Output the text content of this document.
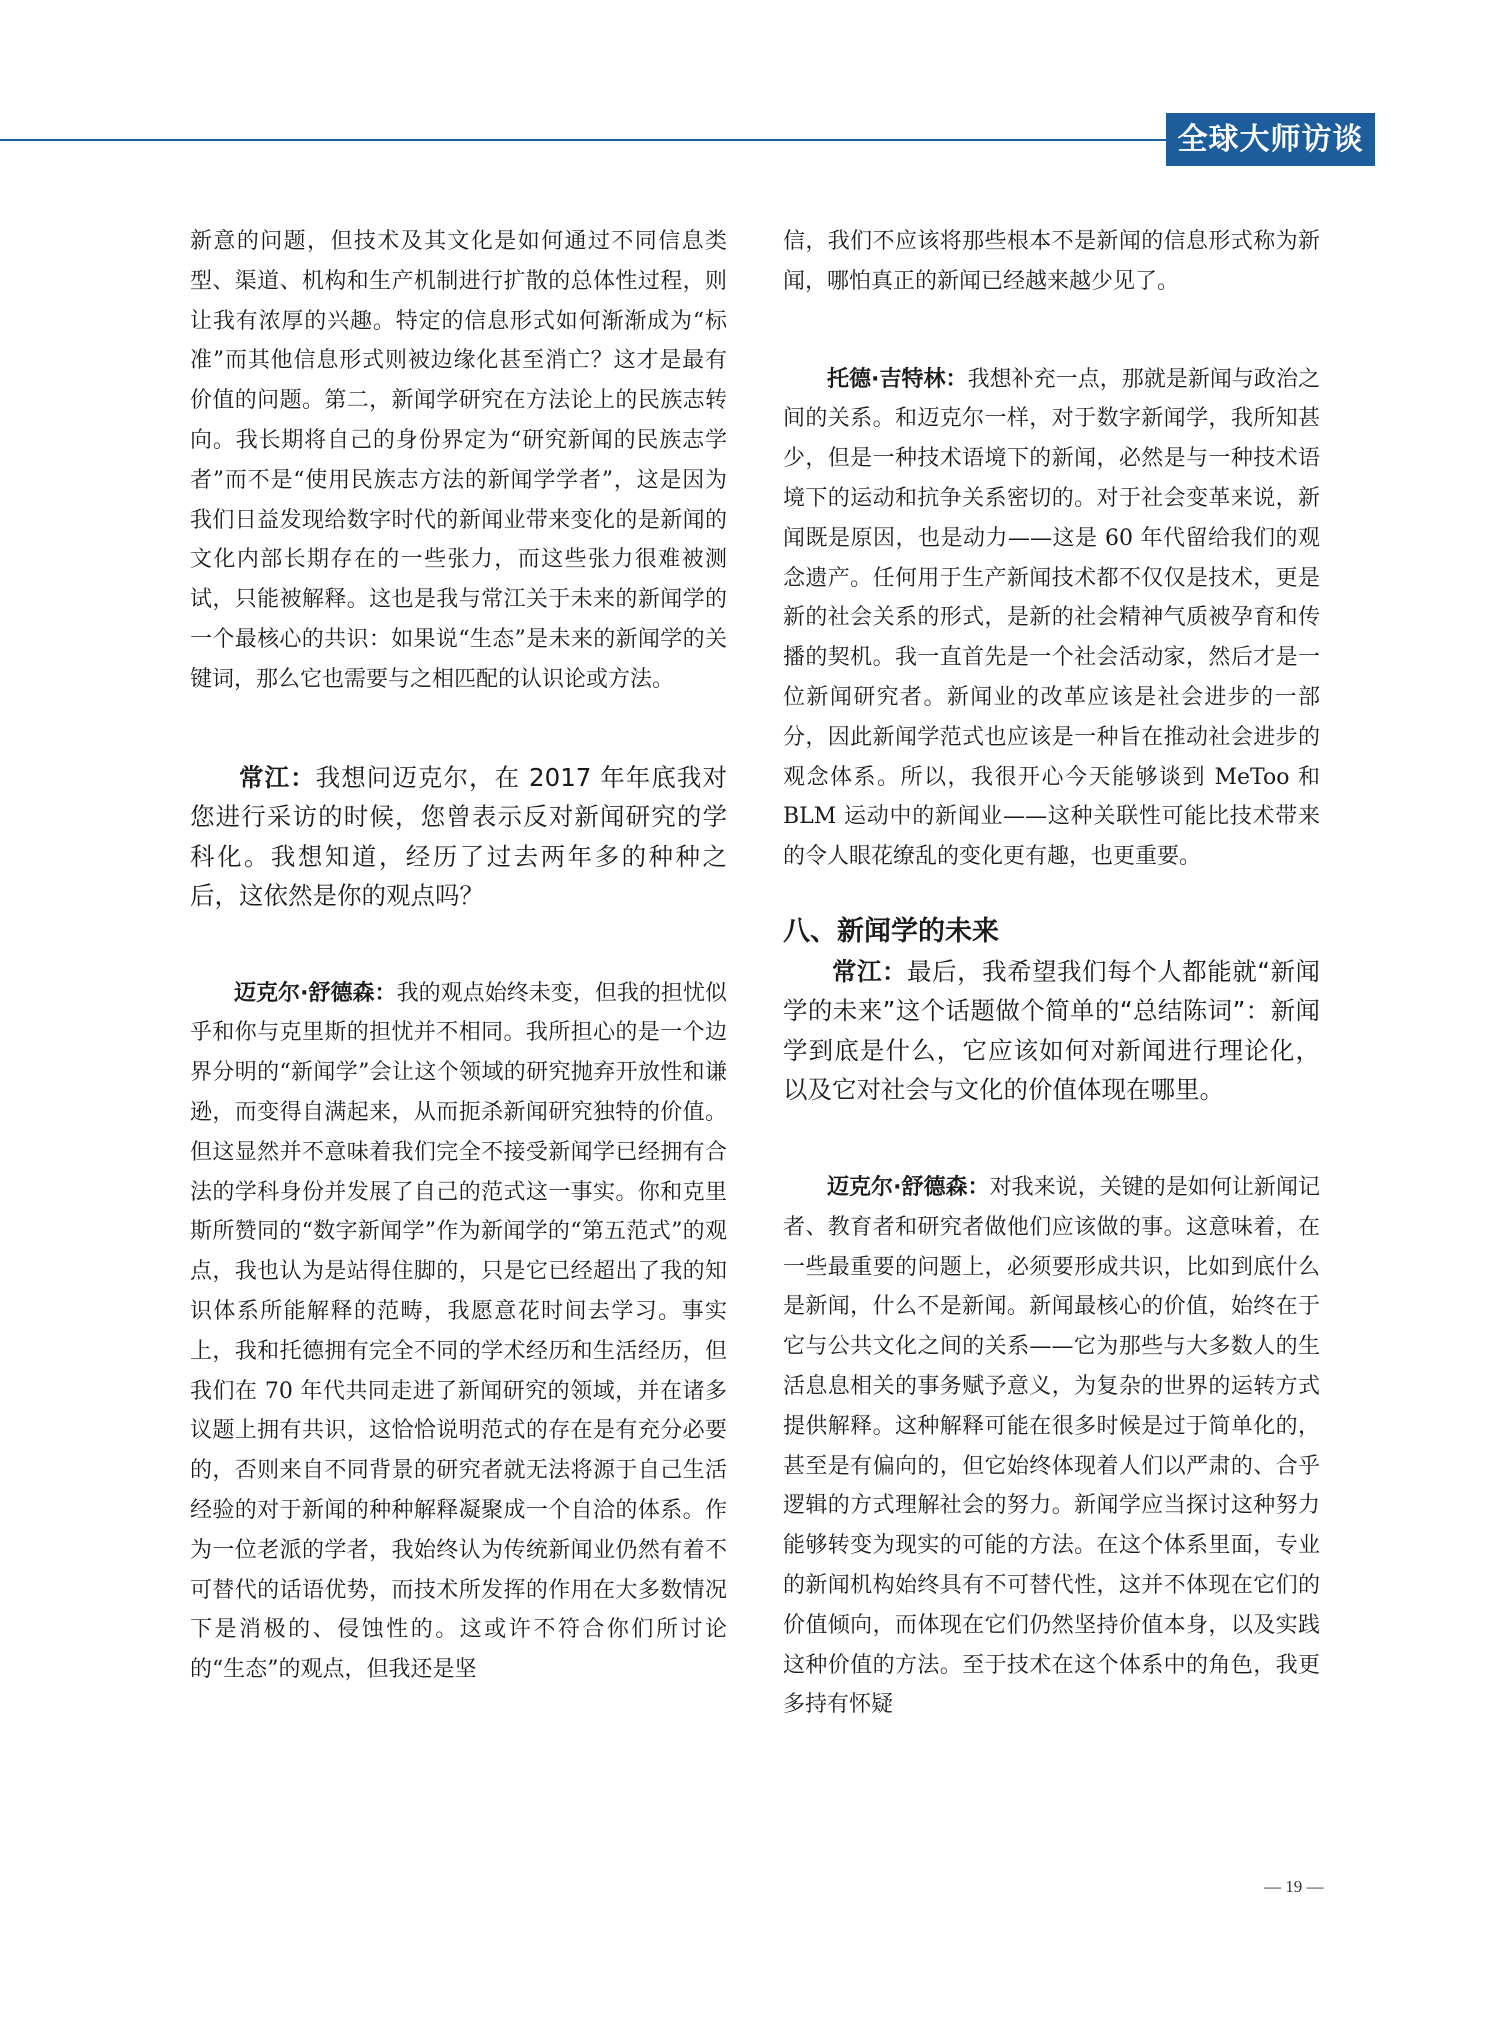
全球大师访谈

新意的问题，但技术及其文化是如何通过不同信息类型、渠道、机构和生产机制进行扩散的总体性过程，则让我有浓厚的兴趣。特定的信息形式如何渐渐成为“标准”而其他信息形式则被边缘化甚至消亡？这才是最有价值的问题。第二，新闻学研究在方法论上的民族志转向。我长期将自己的身份界定为“研究新闻的民族志学者”而不是“使用民族志方法的新闻学学者”，这是因为我们日益发现给数字时代的新闻业带来变化的是新闻的文化内部长期存在的一些张力，而这些张力很难被测试，只能被解释。这也是我与常江关于未来的新闻学的一个最核心的共识：如果说“生态”是未来的新闻学的关键词，那么它也需要与之相匹配的认识论或方法。

常江：我想问迈克尔，在 2017 年年底我对您进行采访的时候，您曾表示反对新闻研究的学科化。我想知道，经历了过去两年多的种种之后，这依然是你的观点吗？

迈克尔·舒德森：我的观点始终未变，但我的担忧似乎和你与克里斯的担忧并不相同。我所担心的是一个边界分明的“新闻学”会让这个领域的研究抛弃开放性和谦逊，而变得自满起来，从而扼杀新闻研究独特的价值。但这显然并不意味着我们完全不接受新闻学已经拥有合法的学科身份并发展了自己的范式这一事实。你和克里斯所赞同的“数字新闻学”作为新闻学的“第五范式”的观点，我也认为是站得住脚的，只是它已经超出了我的知识体系所能解释的范畴，我愿意花时间去学习。事实上，我和托德拥有完全不同的学术经历和生活经历，但我们在 70 年代共同走进了新闻研究的领域，并在诸多议题上拥有共识，这恰恰说明范式的存在是有充分必要的，否则来自不同背景的研究者就无法将源于自己生活经验的对于新闻的种种解释凝聚成一个自洽的体系。作为一位老派的学者，我始终认为传统新闻业仍然有着不可替代的话语优势，而技术所发挥的作用在大多数情况下是消极的、侵蚀性的。这或许不符合你们所讨论的“生态”的观点，但我还是坚

信，我们不应该将那些根本不是新闻的信息形式称为新闻，哪怕真正的新闻已经越来越少见了。

托德·吉特林：我想补充一点，那就是新闻与政治之间的关系。和迈克尔一样，对于数字新闻学，我所知甚少，但是一种技术语境下的新闻，必然是与一种技术语境下的运动和抗争关系密切的。对于社会变革来说，新闻既是原因，也是动力——这是 60 年代留给我们的观念遗产。任何用于生产新闻技术都不仅仅是技术，更是新的社会关系的形式，是新的社会精神气质被孕育和传播的契机。我一直首先是一个社会活动家，然后才是一位新闻研究者。新闻业的改革应该是社会进步的一部分，因此新闻学范式也应该是一种旨在推动社会进步的观念体系。所以，我很开心今天能够谈到 MeToo 和 BLM 运动中的新闻业——这种关联性可能比技术带来的令人眼花缭乱的变化更有趣，也更重要。

八、新闻学的未来

常江：最后，我希望我们每个人都能就“新闻学的未来”这个话题做个简单的“总结陈词”：新闻学到底是什么，它应该如何对新闻进行理论化，以及它对社会与文化的价值体现在哪里。

迈克尔·舒德森：对我来说，关键的是如何让新闻记者、教育者和研究者做他们应该做的事。这意味着，在一些最重要的问题上，必须要形成共识，比如到底什么是新闻，什么不是新闻。新闻最核心的价值，始终在于它与公共文化之间的关系——它为那些与大多数人的生活息息相关的事务赋予意义，为复杂的世界的运转方式提供解释。这种解释可能在很多时候是过于简单化的，甚至是有偏向的，但它始终体现着人们以严肃的、合乎逻辑的方式理解社会的努力。新闻学应当探讨这种努力能够转变为现实的可能的方法。在这个体系里面，专业的新闻机构始终具有不可替代性，这并不体现在它们的价值倾向，而体现在它们仍然坚持价值本身，以及实践这种价值的方法。至于技术在这个体系中的角色，我更多持有怀疑

— 19 —
